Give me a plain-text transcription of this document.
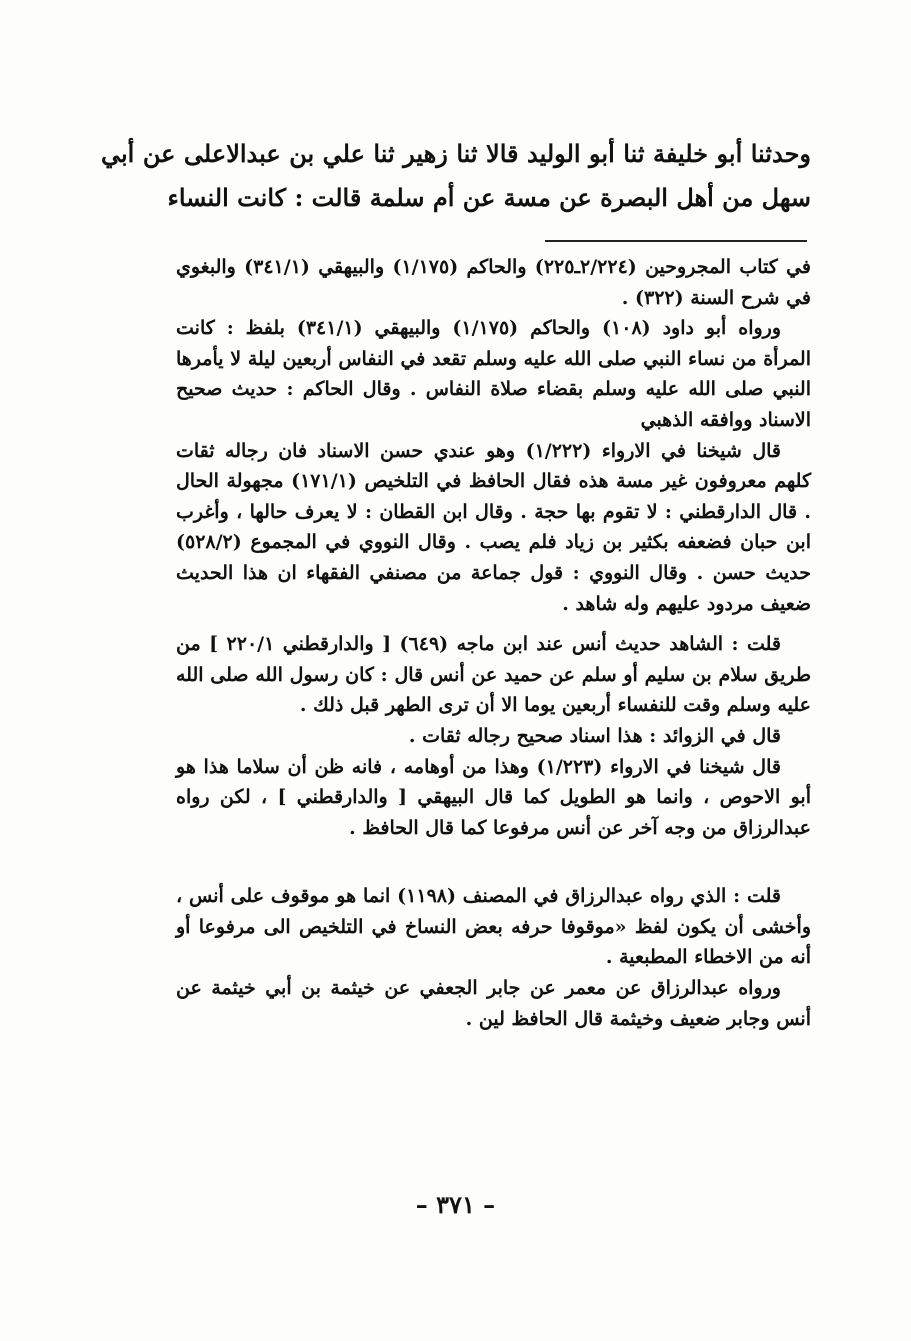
وحدثنا أبو خليفة ثنا أبو الوليد قالا ثنا زهير ثنا علي بن عبدالاعلى عن أبي سهل من أهل البصرة عن مسة عن أم سلمة قالت : كانت النساء

في كتاب المجروحين (٢/٢٢٤ـ٢٢٥) والحاكم (١/١٧٥) والبيهقي (٣٤١/١) والبغوي في شرح السنة (٣٢٢) .

ورواه أبو داود (١٠٨) والحاكم (١/١٧٥) والبيهقي (٣٤١/١) بلفظ : كانت المرأة من نساء النبي صلى الله عليه وسلم تقعد في النفاس أربعين ليلة لا يأمرها النبي صلى الله عليه وسلم بقضاء صلاة النفاس . وقال الحاكم : حديث صحيح الاسناد ووافقه الذهبي

قال شيخنا في الارواء (١/٢٢٢) وهو عندي حسن الاسناد فان رجاله ثقات كلهم معروفون غير مسة هذه فقال الحافظ في التلخيص (١٧١/١) مجهولة الحال . قال الدارقطني : لا تقوم بها حجة . وقال ابن القطان : لا يعرف حالها ، وأغرب ابن حبان فضعفه بكثير بن زياد فلم يصب . وقال النووي في المجموع (٥٢٨/٢) حديث حسن . وقال النووي : قول جماعة من مصنفي الفقهاء ان هذا الحديث ضعيف مردود عليهم وله شاهد .

قلت : الشاهد حديث أنس عند ابن ماجه (٦٤٩) [ والدارقطني ٢٢٠/١ ] من طريق سلام بن سليم أو سلم عن حميد عن أنس قال : كان رسول الله صلى الله عليه وسلم وقت للنفساء أربعين يوما الا أن ترى الطهر قبل ذلك .

قال في الزوائد : هذا اسناد صحيح رجاله ثقات .

قال شيخنا في الارواء (١/٢٢٣) وهذا من أوهامه ، فانه ظن أن سلاما هذا هو أبو الاحوص ، وانما هو الطويل كما قال البيهقي [ والدارقطني ] ، لكن رواه عبدالرزاق من وجه آخر عن أنس مرفوعا كما قال الحافظ .

قلت : الذي رواه عبدالرزاق في المصنف (١١٩٨) انما هو موقوف على أنس ، وأخشى أن يكون لفظ «موقوفا حرفه بعض النساخ في التلخيص الى مرفوعا أو أنه من الاخطاء المطبعية .

ورواه عبدالرزاق عن معمر عن جابر الجعفي عن خيثمة بن أبي خيثمة عن أنس وجابر ضعيف وخيثمة قال الحافظ لين .

– ٣٧١ –
